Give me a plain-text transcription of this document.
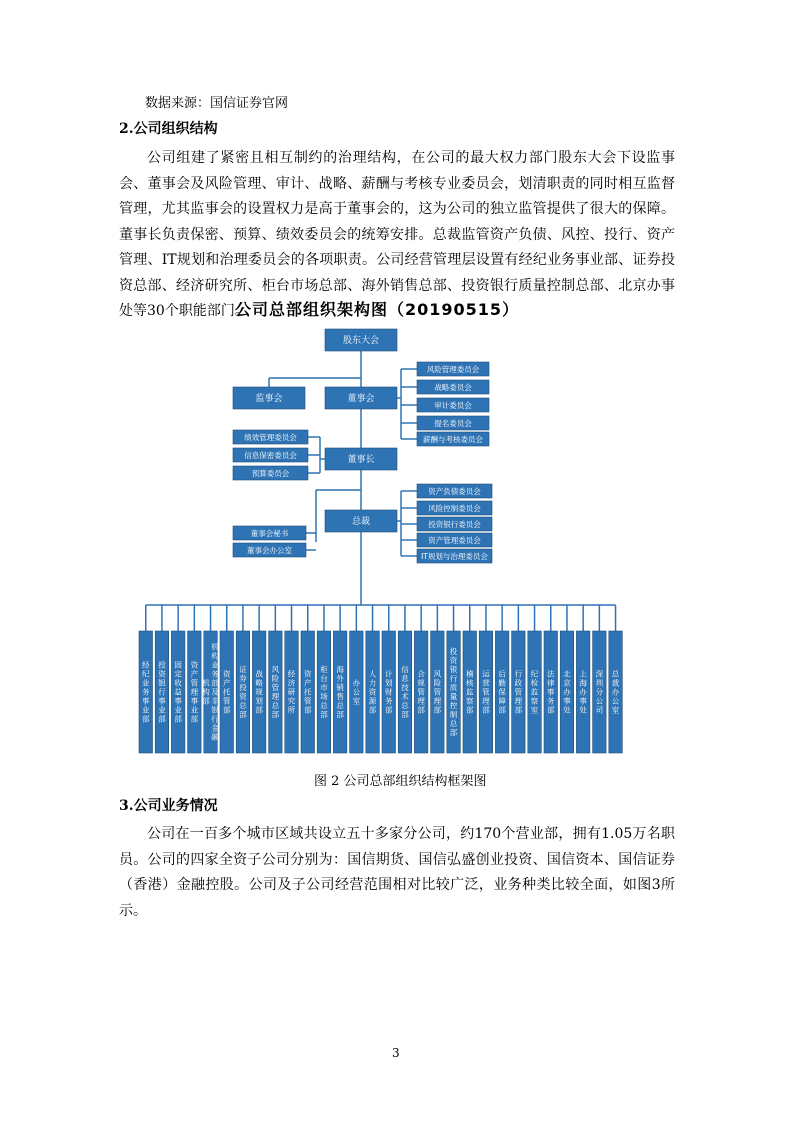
数据来源：国信证券官网
2.公司组织结构

公司组建了紧密且相互制约的治理结构，在公司的最大权力部门股东大会下设监事会、董事会及风险管理、审计、战略、薪酬与考核专业委员会，划清职责的同时相互监督管理，尤其监事会的设置权力是高于董事会的，这为公司的独立监管提供了很大的保障。董事长负责保密、预算、绩效委员会的统筹安排。总裁监管资产负债、风控、投行、资产管理、IT规划和治理委员会的各项职责。公司经营管理层设置有经纪业务事业部、证券投资总部、经济研究所、柜台市场总部、海外销售总部、投资银行质量控制总部、北京办事处等30个职能部门。

公司总部组织架构图（20190515）
股东大会
监事会	董事会
风险管理委员会
战略委员会
审计委员会
提名委员会
薪酬与考核委员会
董事长
绩效管理委员会
信息保密委员会
预算委员会
总裁
董事会秘书
董事会办公室
资产负债委员会
风险控制委员会
投资银行委员会
资产管理委员会
IT规划与治理委员会
经
纪
业
务
事
业
部
投
资
银
行
事
业
部
固
定
收
益
事
业
部
资
产
管
理
事
业
部
机
构
业
务
部
及
非
银
行
金
融
机
构
部
资
产
托
管
部
证
券
投
资
总
部
战
略
规
划
部
风
险
管
理
总
部
经
济
研
究
所
资
产
托
管
部
柜
台
市
场
总
部
海
外
销
售
总
部
办
公
室
人
力
资
源
部
计
划
财
务
部
信
息
技
术
总
部
合
规
管
理
部
风
险
管
理
部
投
资
银
行
质
量
控
制
总
部
稽
核
监
察
部
运
营
管
理
部
后
勤
保
障
部
行
政
管
理
部
纪
检
监
察
室
法
律
事
务
部
北
京
办
事
处
上
海
办
事
处
深
圳
分
公
司
总
裁
办
公
室
图 2 公司总部组织结构框架图
3.公司业务情况

公司在一百多个城市区域共设立五十多家分公司，约170个营业部，拥有1.05万名职员。公司的四家全资子公司分别为：国信期货、国信弘盛创业投资、国信资本、国信证券（香港）金融控股。公司及子公司经营范围相对比较广泛，业务种类比较全面，如图3所示。

3
